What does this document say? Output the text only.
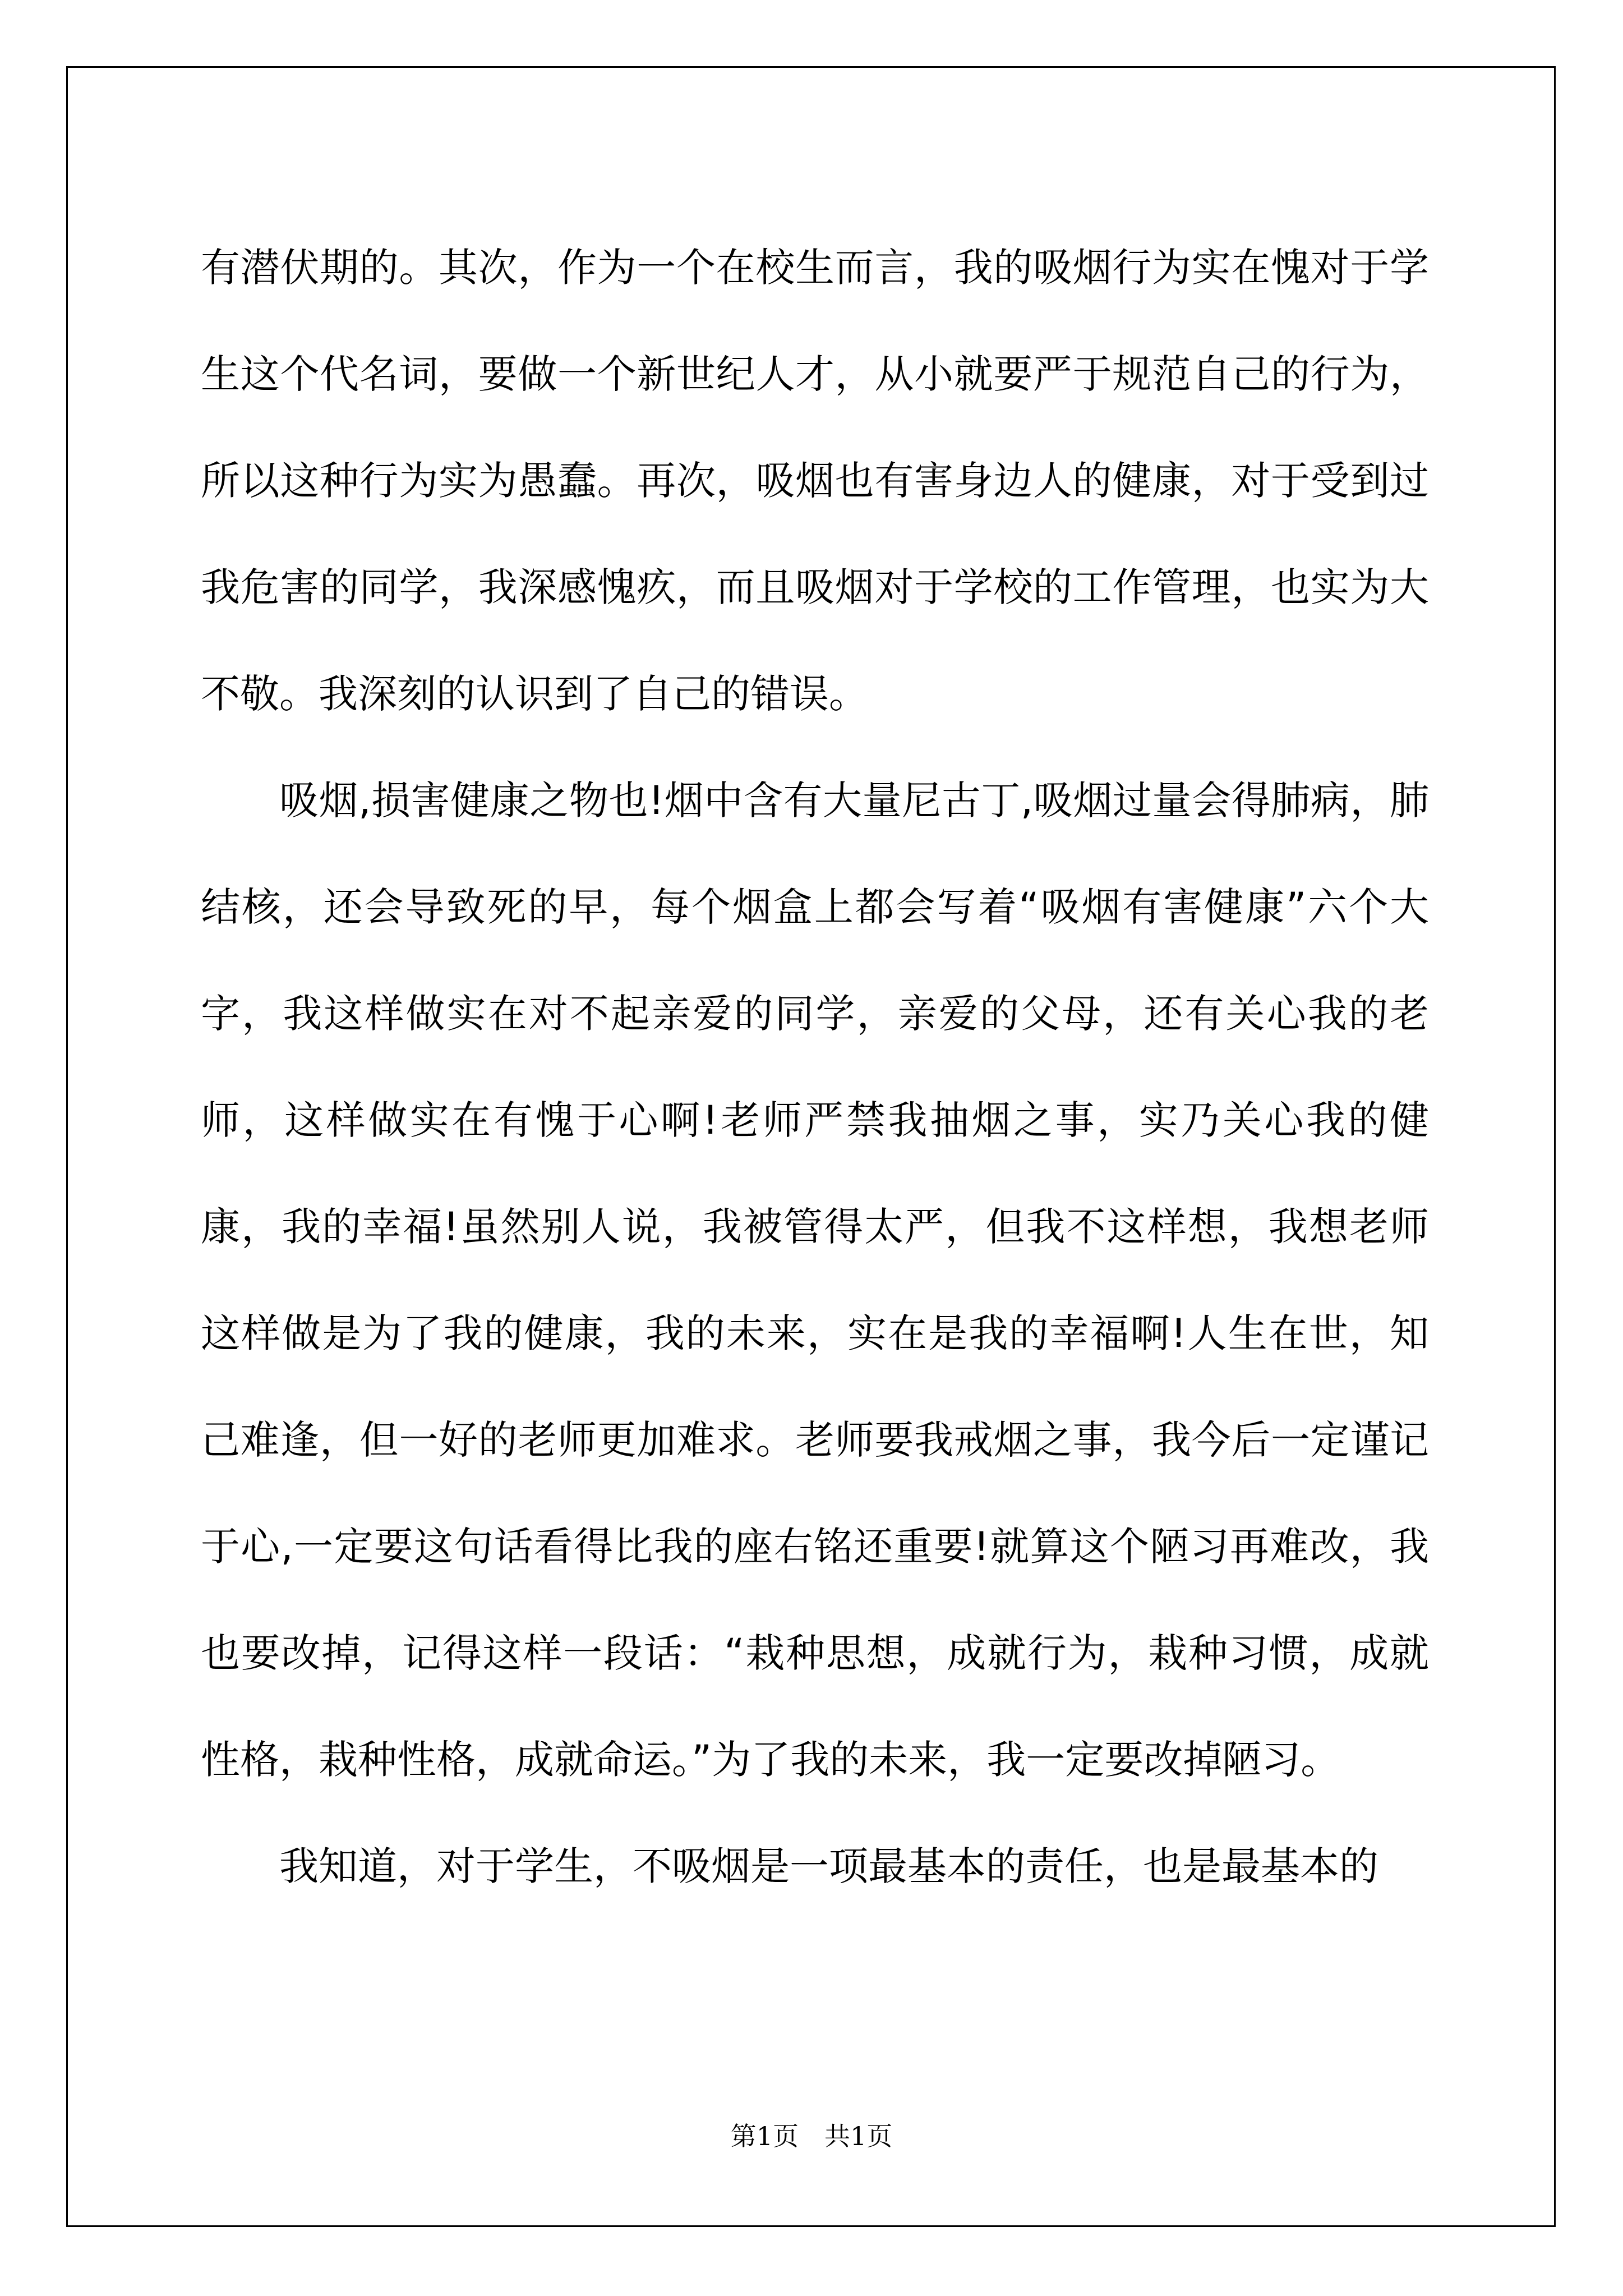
有潜伏期的。其次，作为一个在校生而言，我的吸烟行为实在愧对于学生这个代名词，要做一个新世纪人才，从小就要严于规范自己的行为，所以这种行为实为愚蠢。再次，吸烟也有害身边人的健康，对于受到过我危害的同学，我深感愧疚，而且吸烟对于学校的工作管理，也实为大不敬。我深刻的认识到了自己的错误。

吸烟,损害健康之物也!烟中含有大量尼古丁,吸烟过量会得肺病，肺结核，还会导致死的早，每个烟盒上都会写着“吸烟有害健康”六个大字，我这样做实在对不起亲爱的同学，亲爱的父母，还有关心我的老师，这样做实在有愧于心啊!老师严禁我抽烟之事，实乃关心我的健康，我的幸福!虽然别人说，我被管得太严，但我不这样想，我想老师这样做是为了我的健康，我的未来，实在是我的幸福啊!人生在世，知己难逢，但一好的老师更加难求。老师要我戒烟之事，我今后一定谨记于心,一定要这句话看得比我的座右铭还重要!就算这个陋习再难改，我也要改掉，记得这样一段话：“栽种思想，成就行为，栽种习惯，成就性格，栽种性格，成就命运。”为了我的未来，我一定要改掉陋习。

我知道，对于学生，不吸烟是一项最基本的责任，也是最基本的

第1页　共1页
